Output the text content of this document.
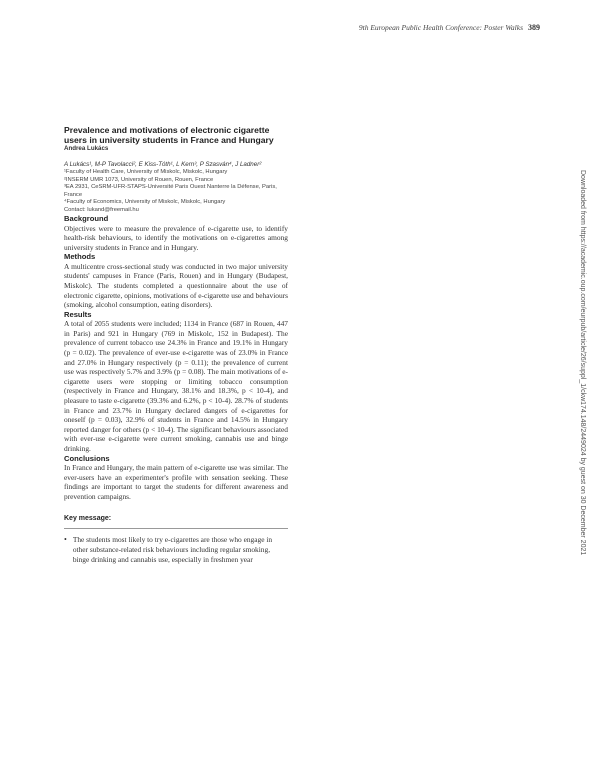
9th European Public Health Conference: Poster Walks 389
Prevalence and motivations of electronic cigarette users in university students in France and Hungary

Andrea Lukács

A Lukács¹, M-P Tavolacci², E Kiss-Tóth¹, L Kern³, P Szasván⁴, J Ladner²
¹Faculty of Health Care, University of Miskolc, Miskolc, Hungary
²INSERM UMR 1073, University of Rouen, Rouen, France
³EA 2931, CeSRM-UFR-STAPS-Université Paris Ouest Nanterre la Défense, Paris, France
⁴Faculty of Economics, University of Miskolc, Miskolc, Hungary
Contact: lukand@freemail.hu
Background

Objectives were to measure the prevalence of e-cigarette use, to identify health-risk behaviours, to identify the motivations on e-cigarettes among university students in France and in Hungary.

Methods

A multicentre cross-sectional study was conducted in two major university students' campuses in France (Paris, Rouen) and in Hungary (Budapest, Miskolc). The students completed a questionnaire about the use of electronic cigarette, opinions, motivations of e-cigarette use and behaviours (smoking, alcohol consumption, eating disorders).

Results

A total of 2055 students were included; 1134 in France (687 in Rouen, 447 in Paris) and 921 in Hungary (769 in Miskolc, 152 in Budapest). The prevalence of current tobacco use 24.3% in France and 19.1% in Hungary (p = 0.02). The prevalence of ever-use e-cigarette was of 23.0% in France and 27.0% in Hungary respectively (p = 0.11); the prevalence of current use was respectively 5.7% and 3.9% (p = 0.08). The main motivations of e-cigarette users were stopping or limiting tobacco consumption (respectively in France and Hungary, 38.1% and 18.3%, p < 10-4), and pleasure to taste e-cigarette (39.3% and 6.2%, p < 10-4). 28.7% of students in France and 23.7% in Hungary declared dangers of e-cigarettes for oneself (p = 0.03), 32.9% of students in France and 14.5% in Hungary reported danger for others (p < 10-4). The significant behaviours associated with ever-use e-cigarette were current smoking, cannabis use and binge drinking.

Conclusions

In France and Hungary, the main pattern of e-cigarette use was similar. The ever-users have an experimenter's profile with sensation seeking. These findings are important to target the students for different awareness and prevention campaigns.

Key message:
• The students most likely to try e-cigarettes are those who engage in other substance-related risk behaviours including regular smoking, binge drinking and cannabis use, especially in freshmen year
Downloaded from https://academic.oup.com/eurpub/article/26/suppl_1/ckw174.148/2449024 by guest on 30 December 2021
